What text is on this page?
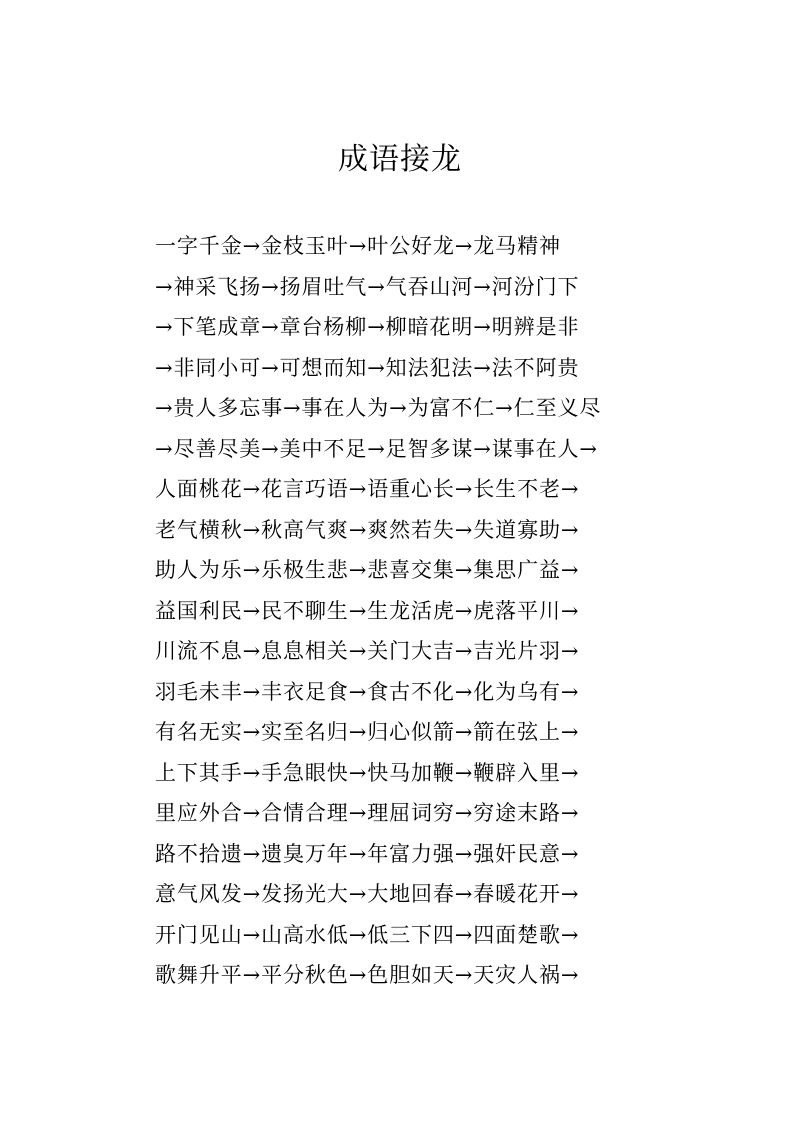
成语接龙
一字千金→金枝玉叶→叶公好龙→龙马精神
→神采飞扬→扬眉吐气→气吞山河→河汾门下
→下笔成章→章台杨柳→柳暗花明→明辨是非
→非同小可→可想而知→知法犯法→法不阿贵
→贵人多忘事→事在人为→为富不仁→仁至义尽
→尽善尽美→美中不足→足智多谋→谋事在人→
人面桃花→花言巧语→语重心长→长生不老→
老气横秋→秋高气爽→爽然若失→失道寡助→
助人为乐→乐极生悲→悲喜交集→集思广益→
益国利民→民不聊生→生龙活虎→虎落平川→
川流不息→息息相关→关门大吉→吉光片羽→
羽毛未丰→丰衣足食→食古不化→化为乌有→
有名无实→实至名归→归心似箭→箭在弦上→
上下其手→手急眼快→快马加鞭→鞭辟入里→
里应外合→合情合理→理屈词穷→穷途末路→
路不拾遗→遗臭万年→年富力强→强奸民意→
意气风发→发扬光大→大地回春→春暖花开→
开门见山→山高水低→低三下四→四面楚歌→
歌舞升平→平分秋色→色胆如天→天灾人祸→
